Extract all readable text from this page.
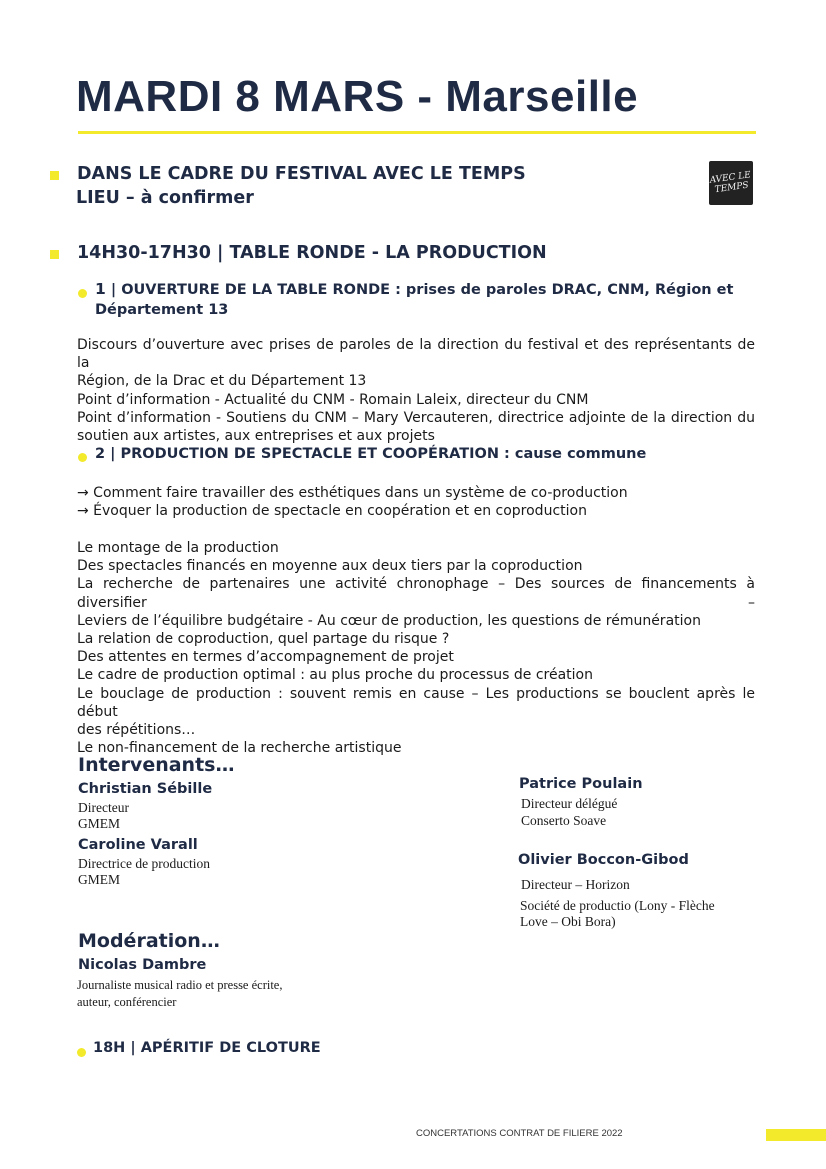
MARDI 8 MARS - Marseille
DANS LE CADRE DU FESTIVAL AVEC LE TEMPS
LIEU – à confirmer
AVEC LE TEMPS
14H30-17H30 | TABLE RONDE - LA PRODUCTION
1 | OUVERTURE DE LA TABLE RONDE : prises de paroles DRAC, CNM, Région et
Département 13
Discours d’ouverture avec prises de paroles de la direction du festival et des représentants de la
Région, de la Drac et du Département 13
Point d’information - Actualité du CNM - Romain Laleix, directeur du CNM
Point d’information - Soutiens du CNM – Mary Vercauteren, directrice adjointe de la direction du
soutien aux artistes, aux entreprises et aux projets
2 | PRODUCTION DE SPECTACLE ET COOPÉRATION : cause commune
→ Comment faire travailler des esthétiques dans un système de co-production
→ Évoquer la production de spectacle en coopération et en coproduction
Le montage de la production
Des spectacles financés en moyenne aux deux tiers par la coproduction
La recherche de partenaires une activité chronophage – Des sources de financements à diversifier –
Leviers de l’équilibre budgétaire - Au cœur de production, les questions de rémunération
La relation de coproduction, quel partage du risque ?
Des attentes en termes d’accompagnement de projet
Le cadre de production optimal : au plus proche du processus de création
Le bouclage de production : souvent remis en cause – Les productions se bouclent après le début
des répétitions…
Le non-financement de la recherche artistique
Intervenants…
Christian Sébille
Directeur
GMEM
Caroline Varall
Directrice de production
GMEM
Patrice Poulain
Directeur délégué
Conserto Soave
Olivier Boccon-Gibod
Directeur – Horizon
Société de productio (Lony - Flèche
Love – Obi Bora)
Modération…
Nicolas Dambre
Journaliste musical radio et presse écrite,
auteur, conférencier
18H | APÉRITIF DE CLOTURE
CONCERTATIONS CONTRAT DE FILIERE 2022
